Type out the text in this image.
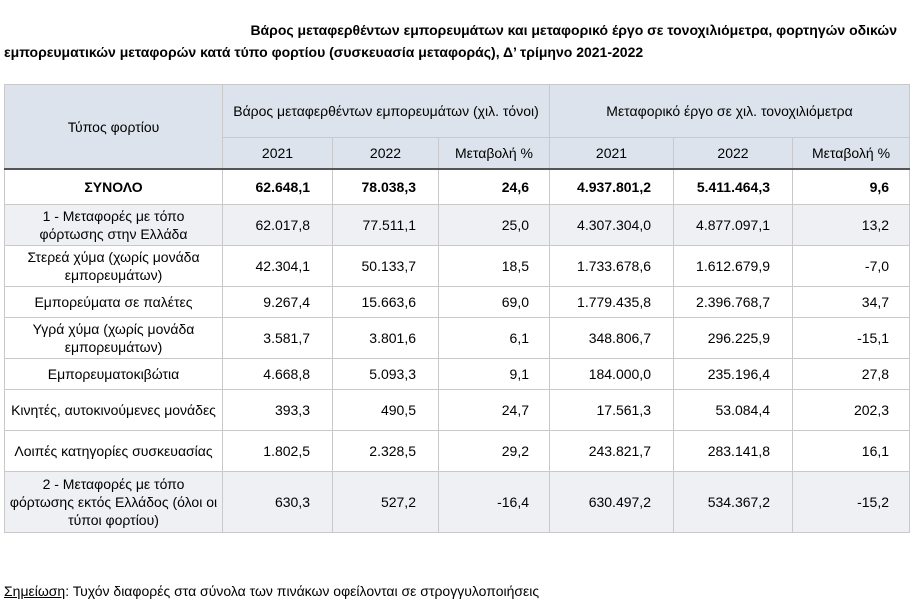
Βάρος μεταφερθέντων εμπορευμάτων και μεταφορικό έργο σε τονοχιλιόμετρα, φορτηγών οδικών
εμπορευματικών μεταφορών κατά τύπο φορτίου (συσκευασία μεταφοράς), Δ’ τρίμηνο 2021-2022
Τύπος φορτίου	Βάρος μεταφερθέντων εμπορευμάτων (χιλ. τόνοι)			Μεταφορικό έργο σε χιλ. τονοχιλιόμετρα		
	2021	2022	Μεταβολή %	2021	2022	Μεταβολή %
ΣΥΝΟΛΟ	62.648,1	78.038,3	24,6	4.937.801,2	5.411.464,3	9,6
1 - Μεταφορές με τόπο φόρτωσης στην Ελλάδα	62.017,8	77.511,1	25,0	4.307.304,0	4.877.097,1	13,2
Στερεά χύμα (χωρίς μονάδα εμπορευμάτων)	42.304,1	50.133,7	18,5	1.733.678,6	1.612.679,9	-7,0
Εμπορεύματα σε παλέτες	9.267,4	15.663,6	69,0	1.779.435,8	2.396.768,7	34,7
Υγρά χύμα (χωρίς μονάδα εμπορευμάτων)	3.581,7	3.801,6	6,1	348.806,7	296.225,9	-15,1
Εμπορευματοκιβώτια	4.668,8	5.093,3	9,1	184.000,0	235.196,4	27,8
Κινητές, αυτοκινούμενες μονάδες	393,3	490,5	24,7	17.561,3	53.084,4	202,3
Λοιπές κατηγορίες συσκευασίας	1.802,5	2.328,5	29,2	243.821,7	283.141,8	16,1
2 - Μεταφορές με τόπο φόρτωσης εκτός Ελλάδος (όλοι οι τύποι φορτίου)	630,3	527,2	-16,4	630.497,2	534.367,2	-15,2
Σημείωση: Τυχόν διαφορές στα σύνολα των πινάκων οφείλονται σε στρογγυλοποιήσεις
